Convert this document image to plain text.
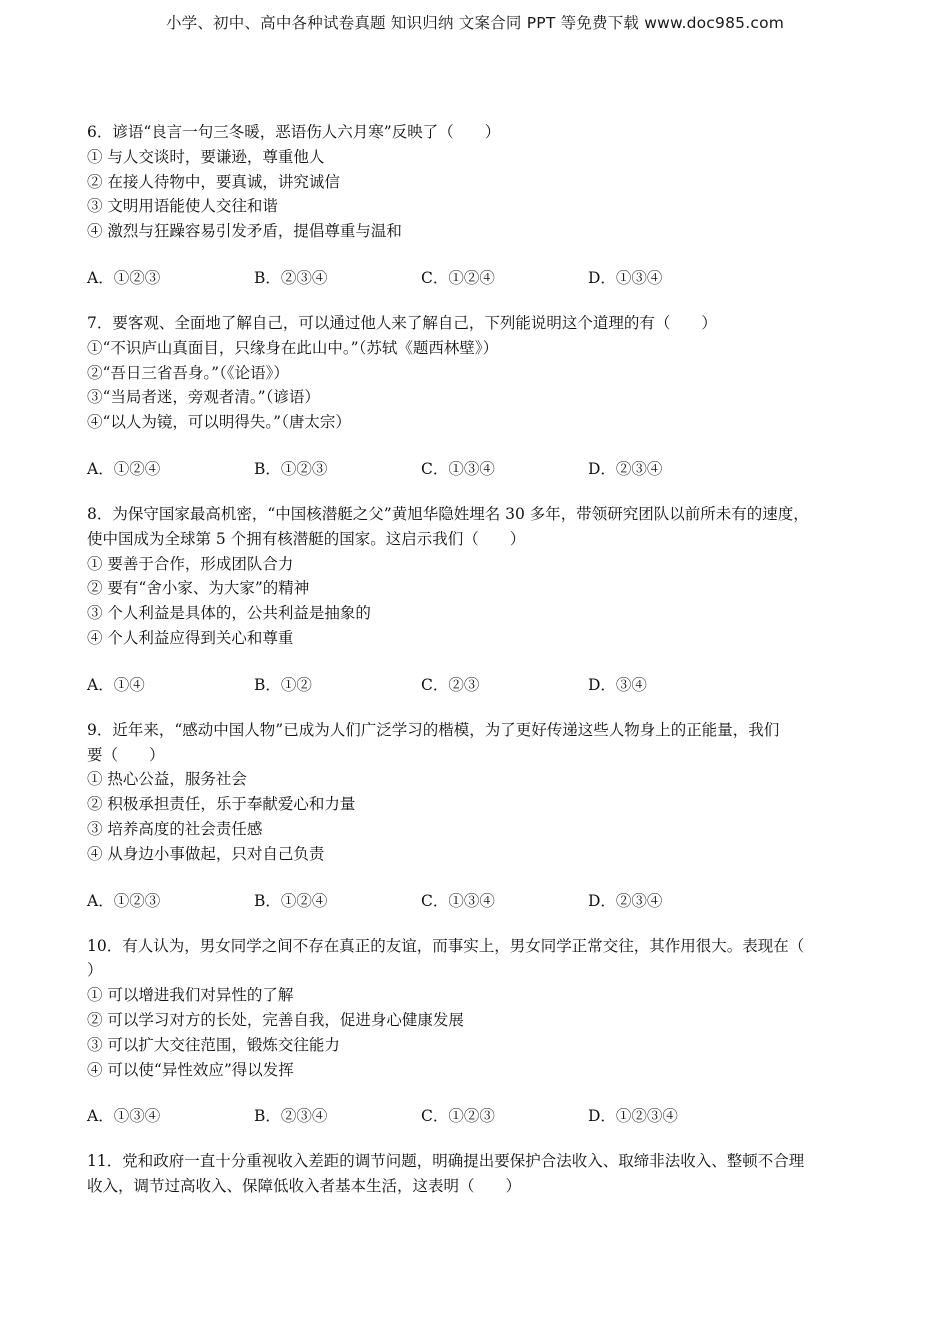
小学、初中、高中各种试卷真题 知识归纳 文案合同 PPT 等免费下载 www.doc985.com
6．谚语“良言一句三冬暖，恶语伤人六月寒”反映了（　　）
① 与人交谈时，要谦逊，尊重他人
② 在接人待物中，要真诚，讲究诚信
③ 文明用语能使人交往和谐
④ 激烈与狂躁容易引发矛盾，提倡尊重与温和
A．①②③	B．②③④	C．①②④	D．①③④
7．要客观、全面地了解自己，可以通过他人来了解自己，下列能说明这个道理的有（　　）
①“不识庐山真面目，只缘身在此山中。”（苏轼《题西林壁》）
②“吾日三省吾身。”（《论语》）
③“当局者迷，旁观者清。”（谚语）
④“以人为镜，可以明得失。”（唐太宗）
A．①②④	B．①②③	C．①③④	D．②③④
8．为保守国家最高机密，“中国核潜艇之父”黄旭华隐姓埋名 30 多年，带领研究团队以前所未有的速度，
使中国成为全球第 5 个拥有核潜艇的国家。这启示我们（　　）
① 要善于合作，形成团队合力
② 要有“舍小家、为大家”的精神
③ 个人利益是具体的，公共利益是抽象的
④ 个人利益应得到关心和尊重
A．①④	B．①②	C．②③	D．③④
9．近年来，“感动中国人物”已成为人们广泛学习的楷模，为了更好传递这些人物身上的正能量，我们
要（　　）
① 热心公益，服务社会
② 积极承担责任，乐于奉献爱心和力量
③ 培养高度的社会责任感
④ 从身边小事做起，只对自己负责
A．①②③	B．①②④	C．①③④	D．②③④
10．有人认为，男女同学之间不存在真正的友谊，而事实上，男女同学正常交往，其作用很大。表现在（
）
① 可以增进我们对异性的了解
② 可以学习对方的长处，完善自我，促进身心健康发展
③ 可以扩大交往范围，锻炼交往能力
④ 可以使“异性效应”得以发挥
A．①③④	B．②③④	C．①②③	D．①②③④
11．党和政府一直十分重视收入差距的调节问题，明确提出要保护合法收入、取缔非法收入、整顿不合理
收入，调节过高收入、保障低收入者基本生活，这表明（　　）
